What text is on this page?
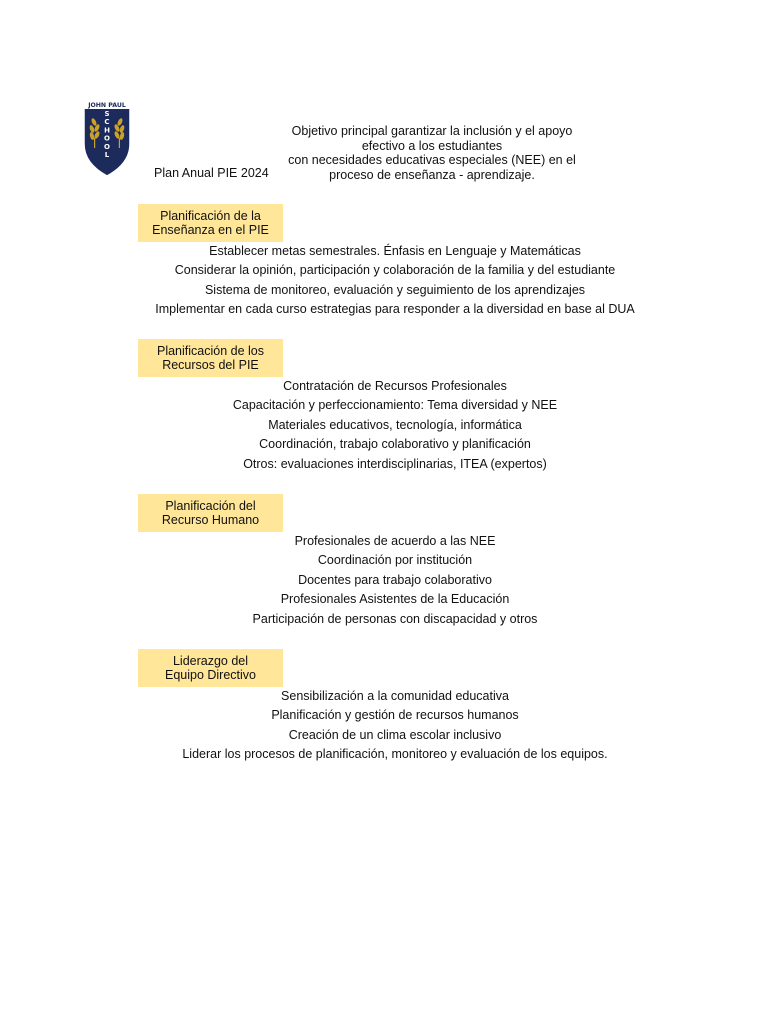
JOHN PAUL
S C H O O L
Plan Anual PIE 2024
Objetivo principal garantizar la inclusión y el apoyo
efectivo a los estudiantes
con necesidades educativas especiales (NEE) en el
proceso de enseñanza - aprendizaje.
Planificación de la
Enseñanza en el PIE
Establecer metas semestrales. Énfasis en Lenguaje y Matemáticas
Considerar la opinión, participación y colaboración de la familia y del estudiante
Sistema de monitoreo, evaluación y seguimiento de los aprendizajes
Implementar en cada curso estrategias para responder a la diversidad en base al DUA
Planificación de los
Recursos del PIE
Contratación de Recursos Profesionales
Capacitación y perfeccionamiento: Tema diversidad y NEE
Materiales educativos, tecnología, informática
Coordinación, trabajo colaborativo y planificación
Otros: evaluaciones interdisciplinarias, ITEA (expertos)
Planificación del
Recurso Humano
Profesionales de acuerdo a las NEE
Coordinación por institución
Docentes para trabajo colaborativo
Profesionales Asistentes de la Educación
Participación de personas con discapacidad y otros
Liderazgo del
Equipo Directivo
Sensibilización a la comunidad educativa
Planificación y gestión de recursos humanos
Creación de un clima escolar inclusivo
Liderar los procesos de planificación, monitoreo y evaluación de los equipos.
